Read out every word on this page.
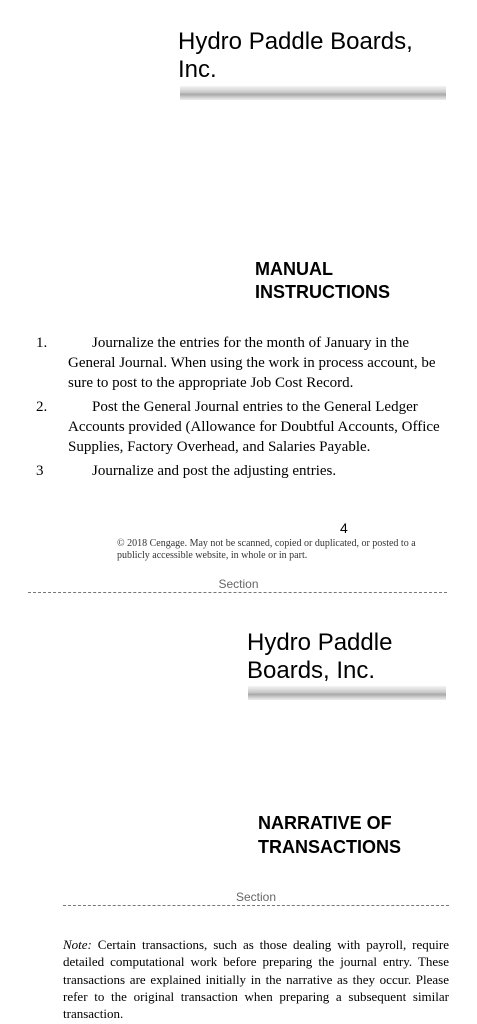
Hydro Paddle Boards, Inc.
MANUAL
INSTRUCTIONS
1.	Journalize the entries for the month of January in the General Journal. When using the work in process account, be sure to post to the appropriate Job Cost Record.
2.	Post the General Journal entries to the General Ledger Accounts provided (Allowance for Doubtful Accounts, Office Supplies, Factory Overhead, and Salaries Payable.
3	Journalize and post the adjusting entries.
4
© 2018 Cengage. May not be scanned, copied or duplicated, or posted to a publicly accessible website, in whole or in part.
Section
Hydro Paddle Boards, Inc.
NARRATIVE OF
TRANSACTIONS
Section
Note: Certain transactions, such as those dealing with payroll, require detailed computational work before preparing the journal entry. These transactions are explained initially in the narrative as they occur. Please refer to the original transaction when preparing a subsequent similar transaction.
